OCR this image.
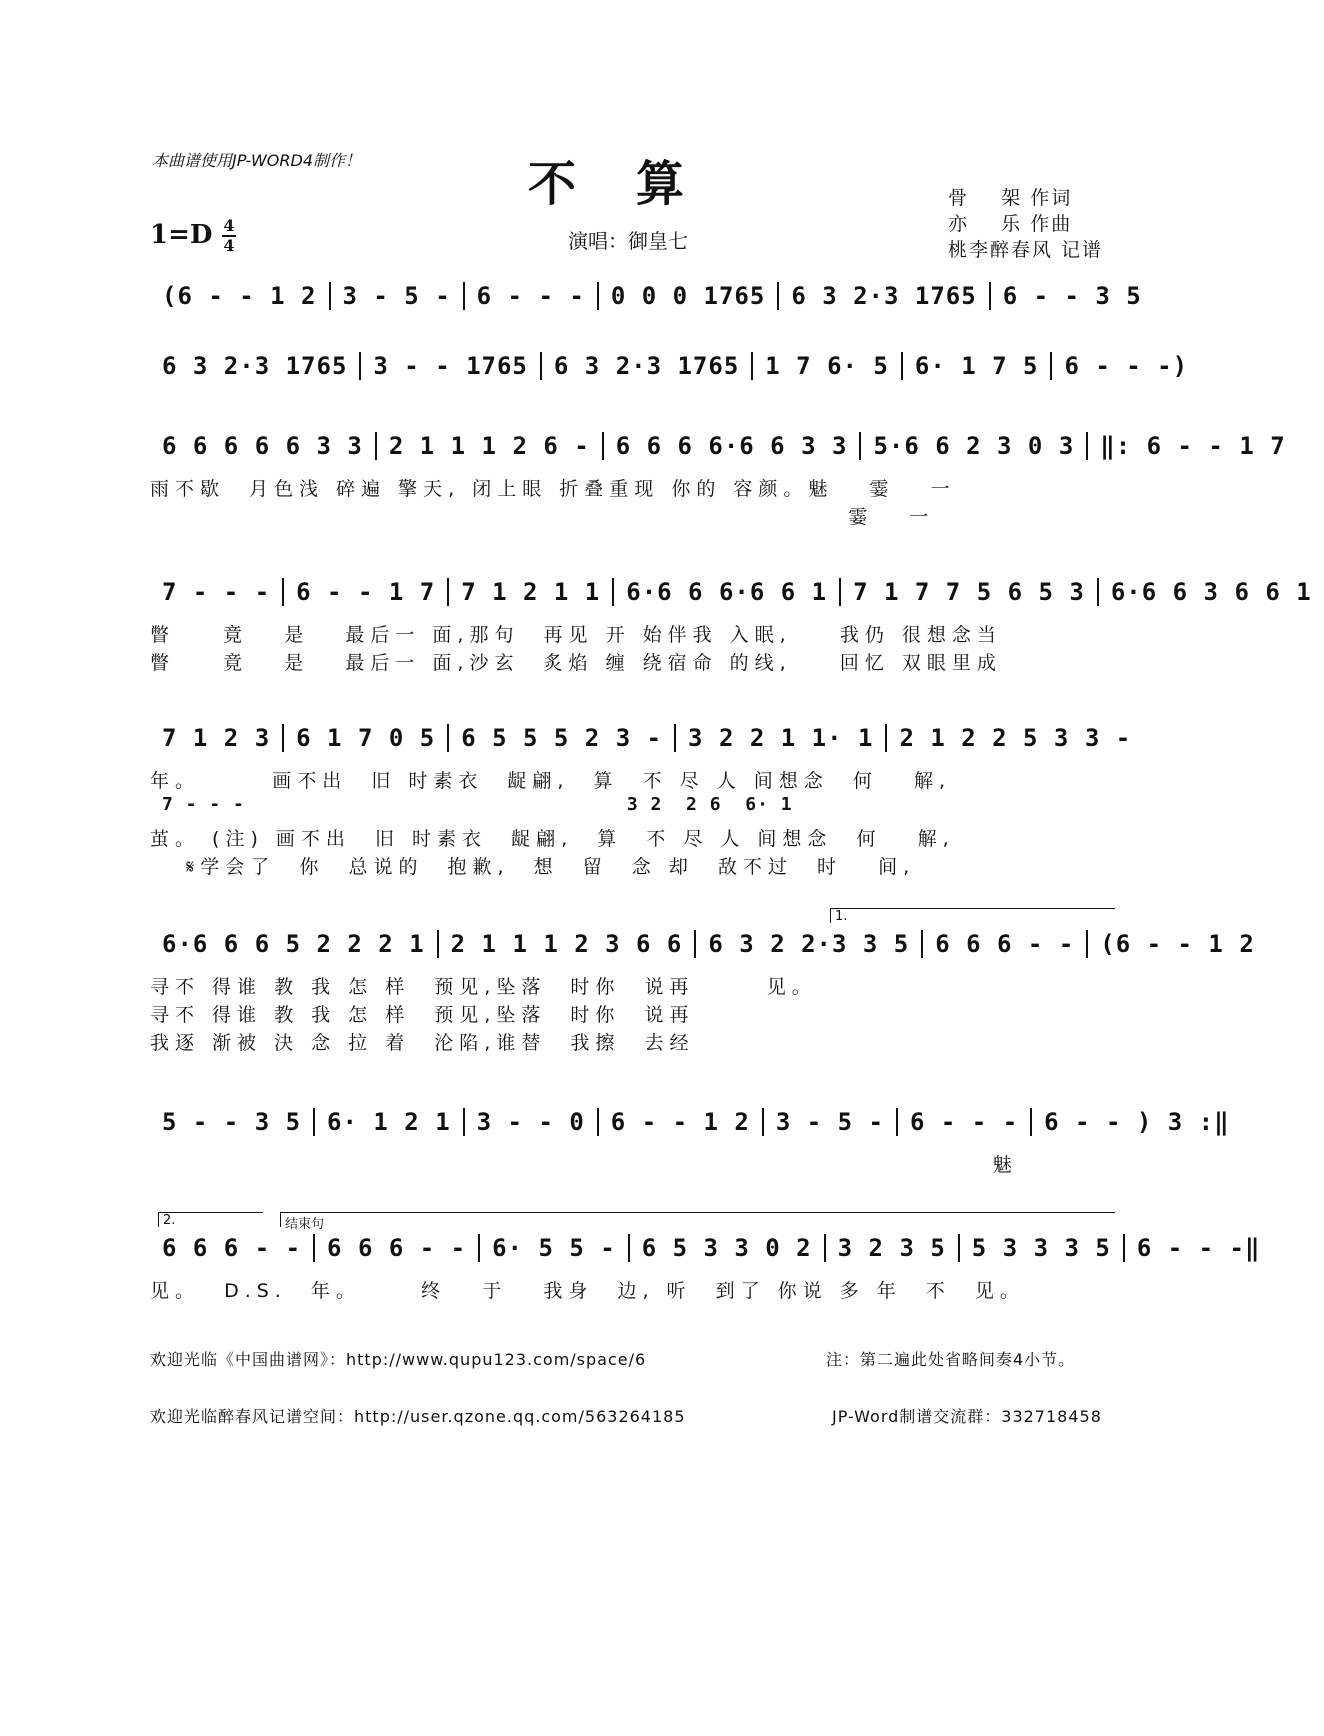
本曲谱使用JP-WORD4制作！	不算
1=D 4
4	演唱：御皇七
骨    架 作词
亦    乐 作曲
桃李醉春风 记谱
(6 - - 1 2	3 - 5 -	6 - - -	0 0 0 1765	6 3 2·3 1765	6 - - 3 5
6 3 2·3 1765	3 - - 1765	6 3 2·3 1765	1 7 6· 5	6· 1 7 5	6 - - -)
6 6 6 6 6 3 3	2 1 1 1 2 6 -	6 6 6 6·6 6 3 3	5·6 6 2 3 0 3	‖: 6 - - 1 7
雨不歇  月色浅 碎遍 擎天, 闭上眼 折叠重现 你的 容颜。魅   霎   一
霎   一
7 - - -	6 - - 1 7	7 1 2 1 1	6·6 6 6·6 6 1	7 1 7 7 5 6 5 3	6·6 6 3 6 6 1
瞥    竟   是   最后一 面,那句  再见 开 始伴我 入眠,    我仍 很想念当
瞥    竟   是   最后一 面,沙玄  炙焰 缠 绕宿命 的线,    回忆 双眼里成
7 1 2 3	6 1 7 0 5	6 5 5 5 2 3 -	3 2 2 1 1· 1	2 1 2 2 5 3 3 -
年。      画不出  旧 时素衣  龊翩,  算  不 尽 人 间想念  何   解,
7 - - -	3 2  2 6  6· 1
茧。 (注) 画不出  旧 时素衣  龊翩,  算  不 尽 人 间想念  何   解,
𝄋学会了  你  总说的  抱歉,  想  留  念 却  敌不过  时   间,
1.
6·6 6 6 5 2 2 2 1	2 1 1 1 2 3 6 6	6 3 2 2·3 3 5	6 6 6 - -	(6 - - 1 2
寻不 得谁 教 我 怎 样  预见,坠落  时你  说再      见。
寻不 得谁 教 我 怎 样  预见,坠落  时你  说再
我逐 渐被 決 念 拉 着  沦陷,谁替  我擦  去经
5 - - 3 5	6· 1 2 1	3 - - 0	6 - - 1 2	3 - 5 -	6 - - -	6 - - ) 3 :‖
魅
2.	结束句
6 6 6 - -	6 6 6 - -	6· 5 5 -	6 5 3 3 0 2	3 2 3 5	5 3 3 3 5	6 - - -‖
见。  D.S.  年。     终   于   我身  边, 听  到了 你说 多 年  不  见。
欢迎光临《中国曲谱网》：http://www.qupu123.com/space/6	注：第二遍此处省略间奏4小节。
欢迎光临醉春风记谱空间：http://user.qzone.qq.com/563264185	JP-Word制谱交流群：332718458
